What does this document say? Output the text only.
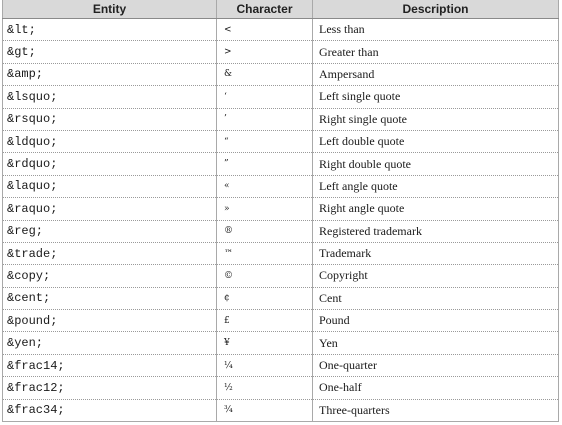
Entity	Character	Description
&lt;	<	Less than
&gt;	>	Greater than
&amp;	&	Ampersand
&lsquo;	‘	Left single quote
&rsquo;	’	Right single quote
&ldquo;	“	Left double quote
&rdquo;	”	Right double quote
&laquo;	«	Left angle quote
&raquo;	»	Right angle quote
&reg;	®	Registered trademark
&trade;	™	Trademark
&copy;	©	Copyright
&cent;	¢	Cent
&pound;	£	Pound
&yen;	¥	Yen
&frac14;	¼	One-quarter
&frac12;	½	One-half
&frac34;	¾	Three-quarters
